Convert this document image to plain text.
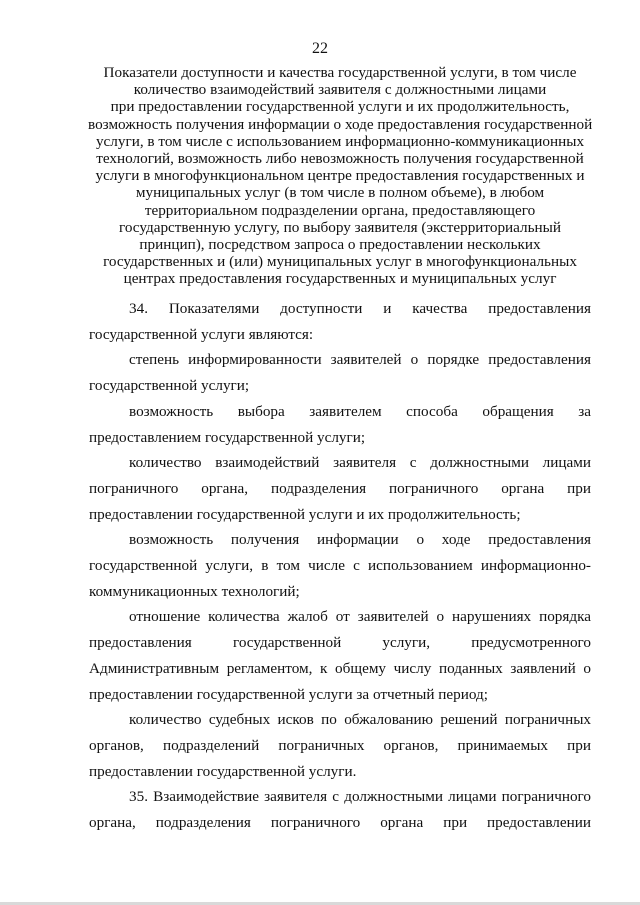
22
Показатели доступности и качества государственной услуги, в том числе
количество взаимодействий заявителя с должностными лицами
при предоставлении государственной услуги и их продолжительность,
возможность получения информации о ходе предоставления государственной
услуги, в том числе с использованием информационно-коммуникационных
технологий, возможность либо невозможность получения государственной
услуги в многофункциональном центре предоставления государственных и
муниципальных услуг (в том числе в полном объеме), в любом
территориальном подразделении органа, предоставляющего
государственную услугу, по выбору заявителя (экстерриториальный
принцип), посредством запроса о предоставлении нескольких
государственных и (или) муниципальных услуг в многофункциональных
центрах предоставления государственных и муниципальных услуг
34. Показателями доступности и качества предоставления
государственной услуги являются:
степень информированности заявителей о порядке предоставления
государственной услуги;
возможность выбора заявителем способа обращения за
предоставлением государственной услуги;
количество взаимодействий заявителя с должностными лицами
пограничного органа, подразделения пограничного органа при
предоставлении государственной услуги и их продолжительность;
возможность получения информации о ходе предоставления
государственной услуги, в том числе с использованием информационно-
коммуникационных технологий;
отношение количества жалоб от заявителей о нарушениях порядка
предоставления государственной услуги, предусмотренного
Административным регламентом, к общему числу поданных заявлений о
предоставлении государственной услуги за отчетный период;
количество судебных исков по обжалованию решений пограничных
органов, подразделений пограничных органов, принимаемых при
предоставлении государственной услуги.
35. Взаимодействие заявителя с должностными лицами пограничного
органа, подразделения пограничного органа при предоставлении
